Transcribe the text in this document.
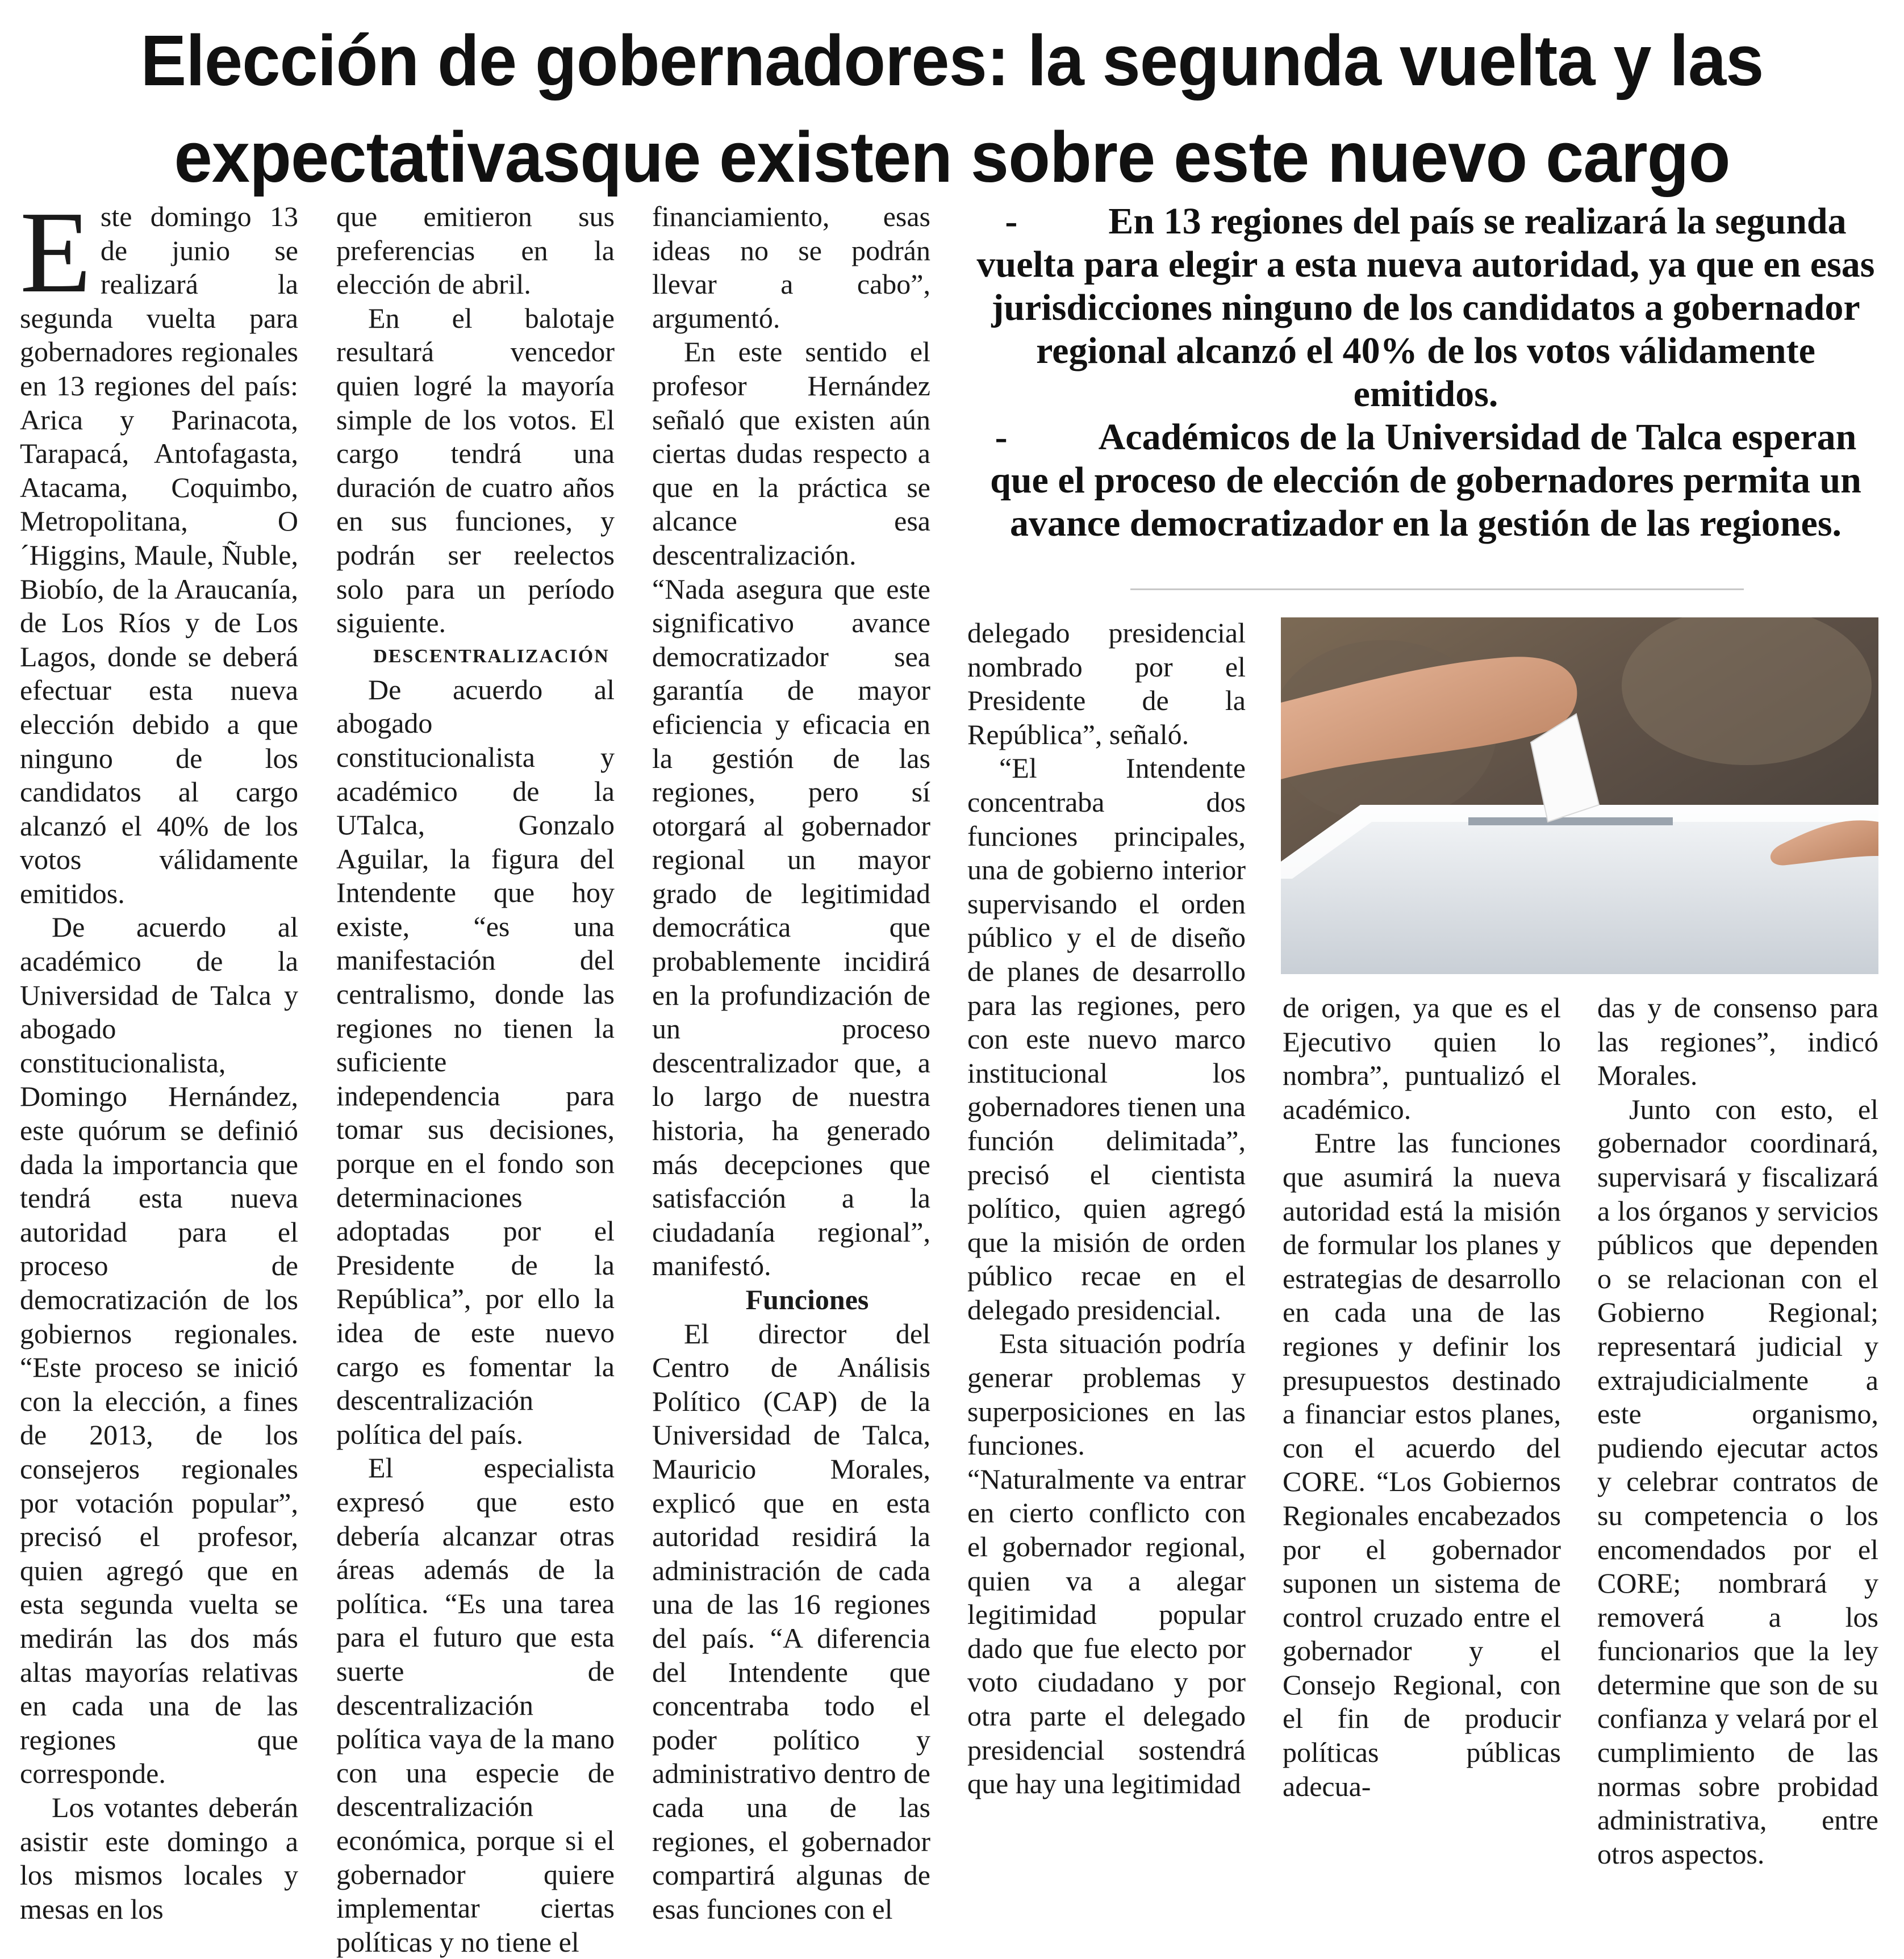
Elección de gobernadores: la segunda vuelta y las
expectativasque existen sobre este nuevo cargo

- En 13 regiones del país se realizará la segunda vuelta para elegir a esta nueva autoridad, ya que en esas jurisdicciones ninguno de los candidatos a gobernador regional alcanzó el 40% de los votos válidamente emitidos.

- Académicos de la Universidad de Talca esperan que el proceso de elección de gobernadores permita un avance democratizador en la gestión de las regiones.

Este domingo 13 de junio se realizará la segunda vuelta para gobernadores regionales en 13 regiones del país: Arica y Parinacota, Tarapacá, Antofagasta, Atacama, Coquimbo, Metropolitana, O´Higgins, Maule, Ñuble, Biobío, de la Araucanía, de Los Ríos y de Los Lagos, donde se deberá efectuar esta nueva elección debido a que ninguno de los candidatos al cargo alcanzó el 40% de los votos válidamente emitidos.

De acuerdo al académico de la Universidad de Talca y abogado constitucionalista, Domingo Hernández, este quórum se definió dada la importancia que tendrá esta nueva autoridad para el proceso de democratización de los gobiernos regionales. “Este proceso se inició con la elección, a fines de 2013, de los consejeros regionales por votación popular”, precisó el profesor, quien agregó que en esta segunda vuelta se medirán las dos más altas mayorías relativas en cada una de las regiones que corresponde.

Los votantes deberán asistir este domingo a los mismos locales y mesas en los

que emitieron sus preferencias en la elección de abril.

En el balotaje resultará vencedor quien logré la mayoría simple de los votos. El cargo tendrá una duración de cuatro años en sus funciones, y podrán ser reelectos solo para un período siguiente.

DESCENTRALIZACIÓN

De acuerdo al abogado constitucionalista y académico de la UTalca, Gonzalo Aguilar, la figura del Intendente que hoy existe, “es una manifestación del centralismo, donde las regiones no tienen la suficiente independencia para tomar sus decisiones, porque en el fondo son determinaciones adoptadas por el Presidente de la República”, por ello la idea de este nuevo cargo es fomentar la descentralización política del país.

El especialista expresó que esto debería alcanzar otras áreas además de la política. “Es una tarea para el futuro que esta suerte de descentralización política vaya de la mano con una especie de descentralización económica, porque si el gobernador quiere implementar ciertas políticas y no tiene el

financiamiento, esas ideas no se podrán llevar a cabo”, argumentó.

En este sentido el profesor Hernández señaló que existen aún ciertas dudas respecto a que en la práctica se alcance esa descentralización. “Nada asegura que este significativo avance democratizador sea garantía de mayor eficiencia y eficacia en la gestión de las regiones, pero sí otorgará al gobernador regional un mayor grado de legitimidad democrática que probablemente incidirá en la profundización de un proceso descentralizador que, a lo largo de nuestra historia, ha generado más decepciones que satisfacción a la ciudadanía regional”, manifestó.

Funciones

El director del Centro de Análisis Político (CAP) de la Universidad de Talca, Mauricio Morales, explicó que en esta autoridad residirá la administración de cada una de las 16 regiones del país. “A diferencia del Intendente que concentraba todo el poder político y administrativo dentro de cada una de las regiones, el gobernador compartirá algunas de esas funciones con el

delegado presidencial nombrado por el Presidente de la República”, señaló.

“El Intendente concentraba dos funciones principales, una de gobierno interior supervisando el orden público y el de diseño de planes de desarrollo para las regiones, pero con este nuevo marco institucional los gobernadores tienen una función delimitada”, precisó el cientista político, quien agregó que la misión de orden público recae en el delegado presidencial.

Esta situación podría generar problemas y superposiciones en las funciones. “Naturalmente va entrar en cierto conflicto con el gobernador regional, quien va a alegar legitimidad popular dado que fue electo por voto ciudadano y por otra parte el delegado presidencial sostendrá que hay una legitimidad

de origen, ya que es el Ejecutivo quien lo nombra”, puntualizó el académico.

Entre las funciones que asumirá la nueva autoridad está la misión de formular los planes y estrategias de desarrollo en cada una de las regiones y definir los presupuestos destinado a financiar estos planes, con el acuerdo del CORE. “Los Gobiernos Regionales encabezados por el gobernador suponen un sistema de control cruzado entre el gobernador y el Consejo Regional, con el fin de producir políticas públicas adecua-

das y de consenso para las regiones”, indicó Morales.

Junto con esto, el gobernador coordinará, supervisará y fiscalizará a los órganos y servicios públicos que dependen o se relacionan con el Gobierno Regional; representará judicial y extrajudicialmente a este organismo, pudiendo ejecutar actos y celebrar contratos de su competencia o los encomendados por el CORE; nombrará y removerá a los funcionarios que la ley determine que son de su confianza y velará por el cumplimiento de las normas sobre probidad administrativa, entre otros aspectos.
